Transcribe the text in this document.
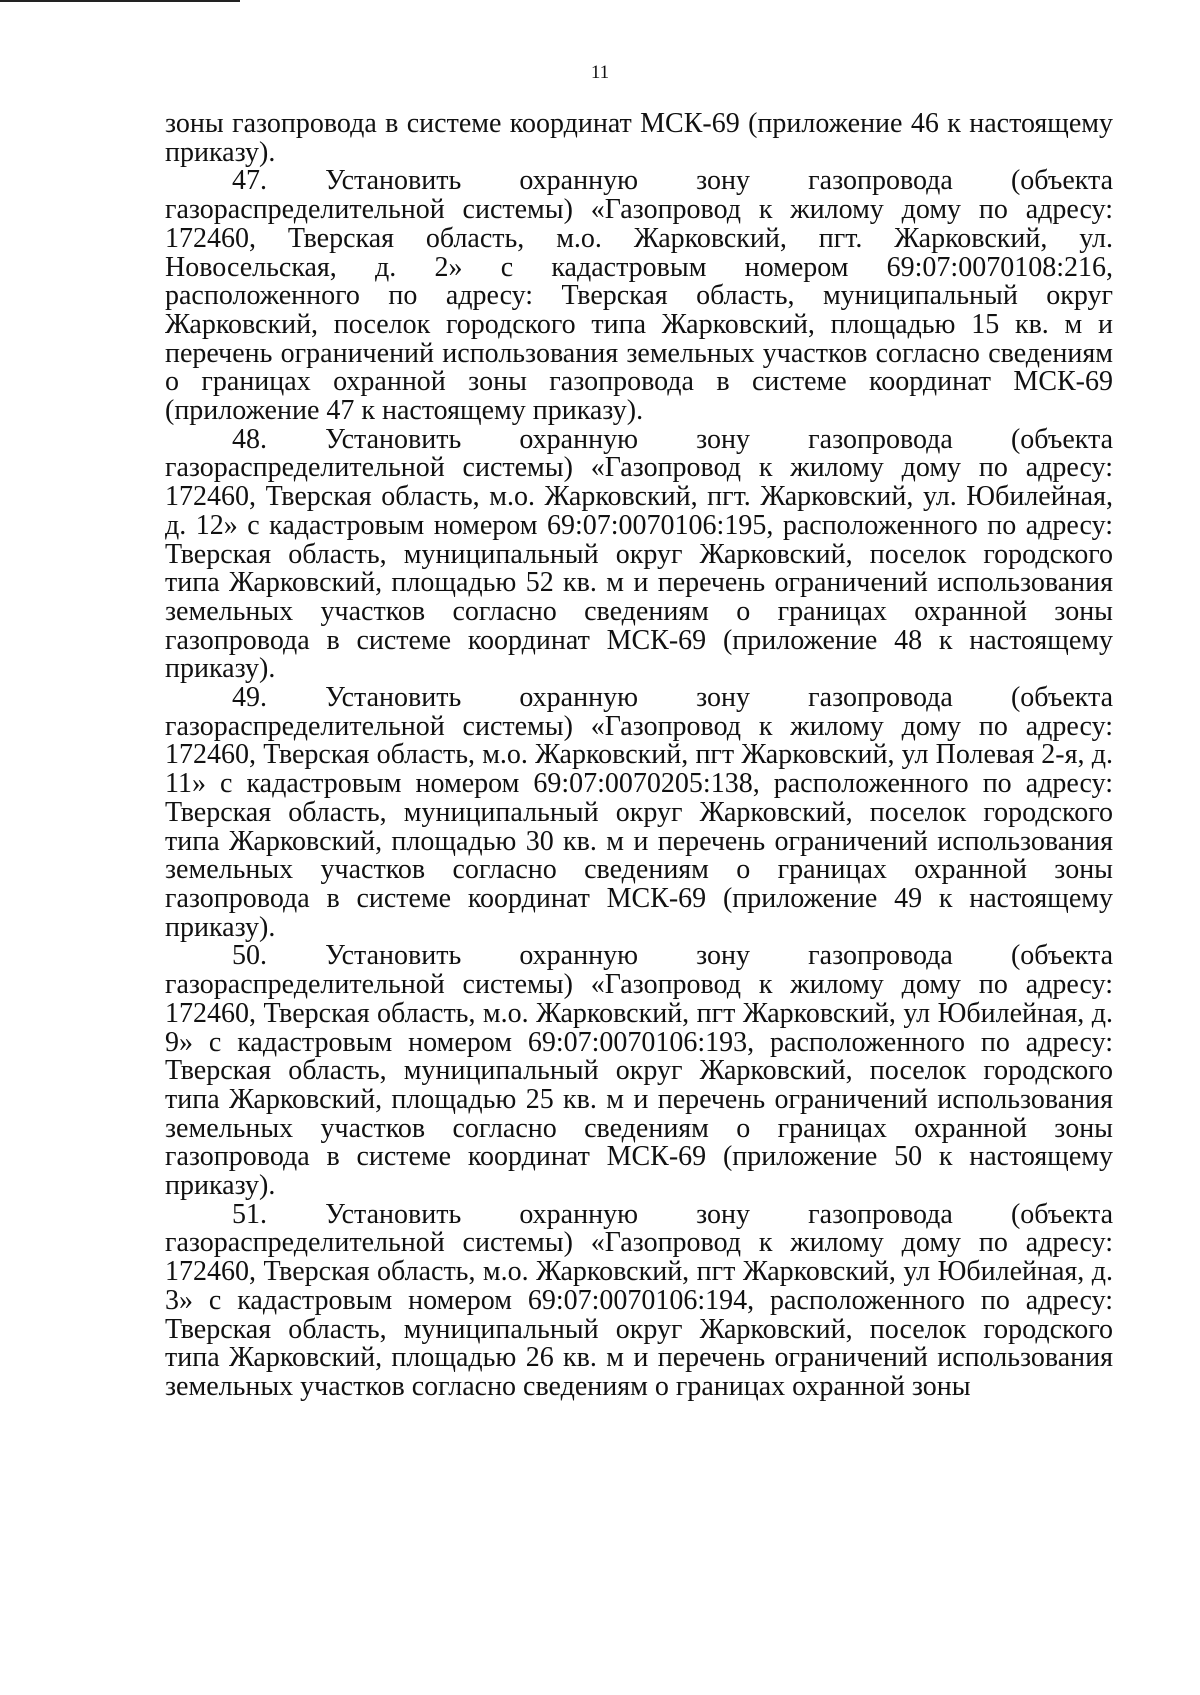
11

зоны газопровода в системе координат МСК-69 (приложение 46 к настоящему приказу).

47. Установить охранную зону газопровода (объекта газораспределительной системы) «Газопровод к жилому дому по адресу: 172460, Тверская область, м.о. Жарковский, пгт. Жарковский, ул. Новосельская, д. 2» с кадастровым номером 69:07:0070108:216, расположенного по адресу: Тверская область, муниципальный округ Жарковский, поселок городского типа Жарковский, площадью 15 кв. м и перечень ограничений использования земельных участков согласно сведениям о границах охранной зоны газопровода в системе координат МСК-69 (приложение 47 к настоящему приказу).

48. Установить охранную зону газопровода (объекта газораспределительной системы) «Газопровод к жилому дому по адресу: 172460, Тверская область, м.о. Жарковский, пгт. Жарковский, ул. Юбилейная, д. 12» с кадастровым номером 69:07:0070106:195, расположенного по адресу: Тверская область, муниципальный округ Жарковский, поселок городского типа Жарковский, площадью 52 кв. м и перечень ограничений использования земельных участков согласно сведениям о границах охранной зоны газопровода в системе координат МСК-69 (приложение 48 к настоящему приказу).

49. Установить охранную зону газопровода (объекта газораспределительной системы) «Газопровод к жилому дому по адресу: 172460, Тверская область, м.о. Жарковский, пгт Жарковский, ул Полевая 2-я, д. 11» с кадастровым номером 69:07:0070205:138, расположенного по адресу: Тверская область, муниципальный округ Жарковский, поселок городского типа Жарковский, площадью 30 кв. м и перечень ограничений использования земельных участков согласно сведениям о границах охранной зоны газопровода в системе координат МСК-69 (приложение 49 к настоящему приказу).

50. Установить охранную зону газопровода (объекта газораспределительной системы) «Газопровод к жилому дому по адресу: 172460, Тверская область, м.о. Жарковский, пгт Жарковский, ул Юбилейная, д. 9» с кадастровым номером 69:07:0070106:193, расположенного по адресу: Тверская область, муниципальный округ Жарковский, поселок городского типа Жарковский, площадью 25 кв. м и перечень ограничений использования земельных участков согласно сведениям о границах охранной зоны газопровода в системе координат МСК-69 (приложение 50 к настоящему приказу).

51. Установить охранную зону газопровода (объекта газораспределительной системы) «Газопровод к жилому дому по адресу: 172460, Тверская область, м.о. Жарковский, пгт Жарковский, ул Юбилейная, д. 3» с кадастровым номером 69:07:0070106:194, расположенного по адресу: Тверская область, муниципальный округ Жарковский, поселок городского типа Жарковский, площадью 26 кв. м и перечень ограничений использования земельных участков согласно сведениям о границах охранной зоны
